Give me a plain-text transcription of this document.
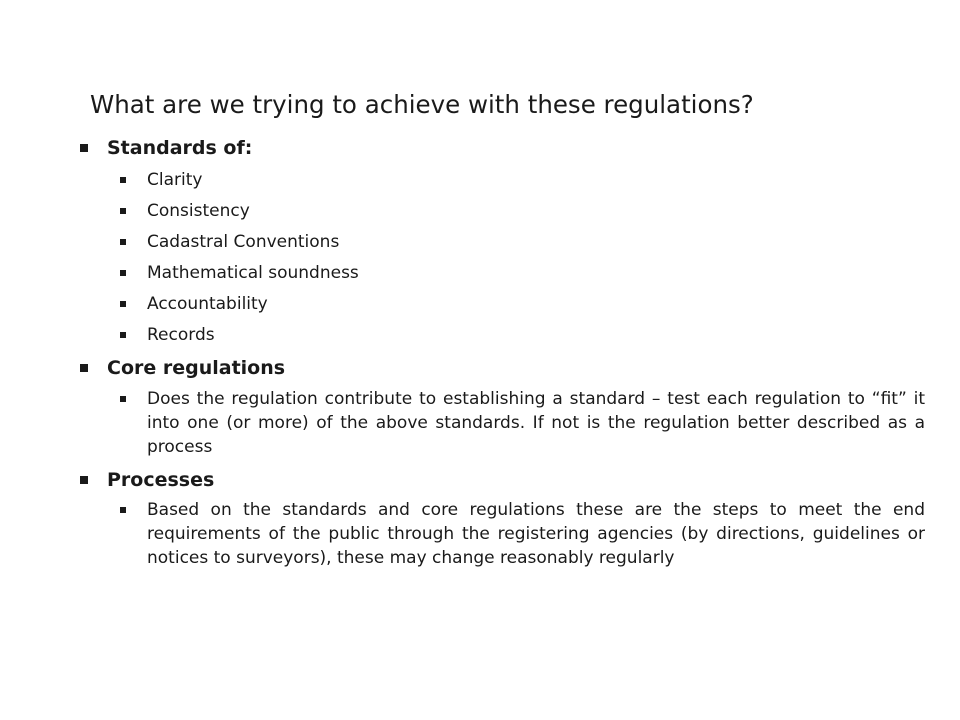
What are we trying to achieve with these regulations?
Standards of:
Clarity
Consistency
Cadastral Conventions
Mathematical soundness
Accountability
Records
Core regulations
Does the regulation contribute to establishing a standard – test each regulation to “fit” it into one (or more) of the above standards. If not is the regulation better described as a process
Processes
Based on the standards and core regulations these are the steps to meet the end requirements of the public through the registering agencies (by directions, guidelines or notices to surveyors), these may change reasonably regularly
